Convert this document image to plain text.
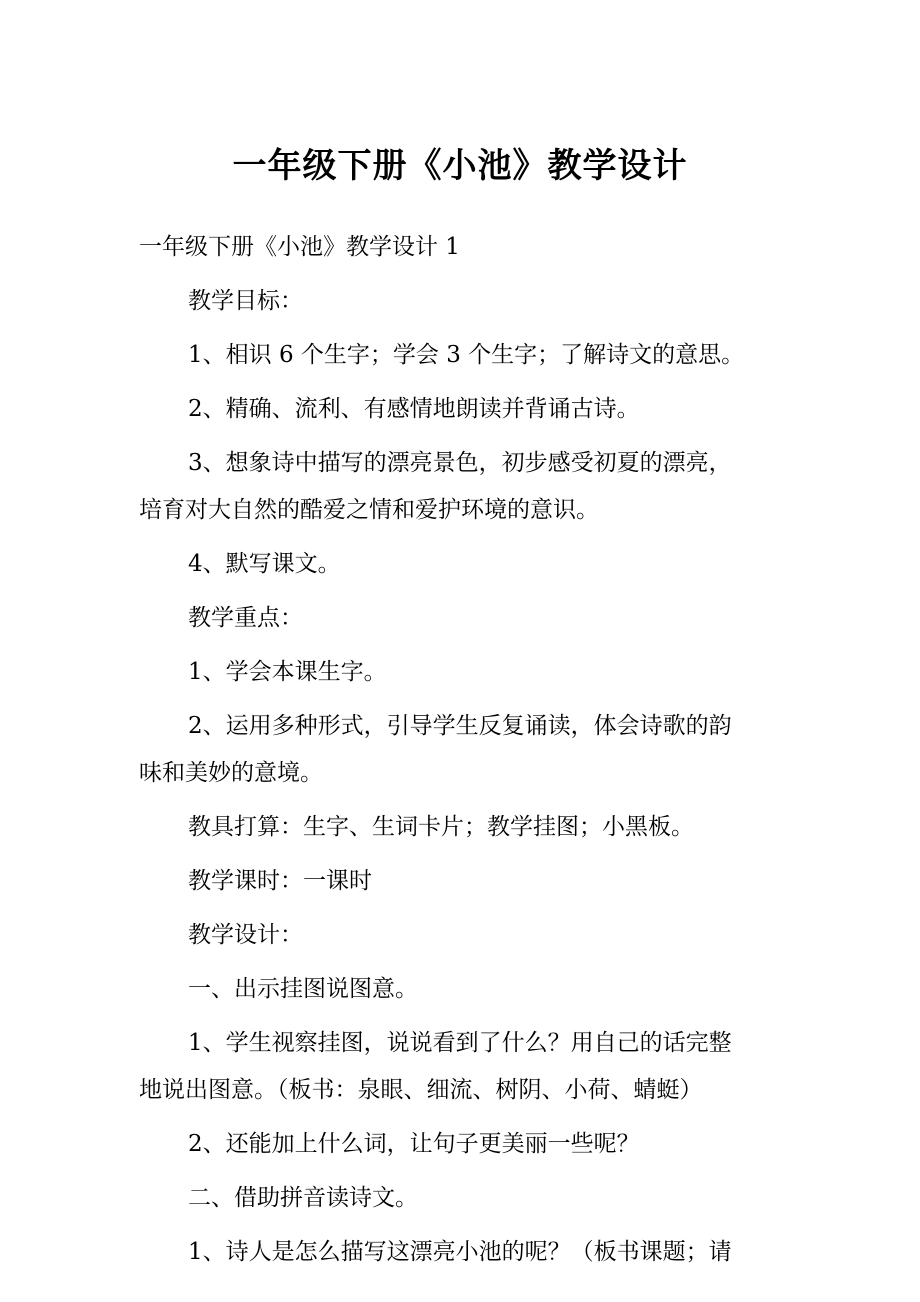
一年级下册《小池》教学设计
一年级下册《小池》教学设计 1
教学目标：
1、相识 6 个生字；学会 3 个生字；了解诗文的意思。
2、精确、流利、有感情地朗读并背诵古诗。
3、想象诗中描写的漂亮景色，初步感受初夏的漂亮，
培育对大自然的酷爱之情和爱护环境的意识。
4、默写课文。
教学重点：
1、学会本课生字。
2、运用多种形式，引导学生反复诵读，体会诗歌的韵
味和美妙的意境。
教具打算：生字、生词卡片；教学挂图；小黑板。
教学课时：一课时
教学设计：
一、出示挂图说图意。
1、学生视察挂图，说说看到了什么？用自己的话完整
地说出图意。（板书：泉眼、细流、树阴、小荷、蜻蜓）
2、还能加上什么词，让句子更美丽一些呢？
二、借助拼音读诗文。
1、诗人是怎么描写这漂亮小池的呢？（板书课题；请
